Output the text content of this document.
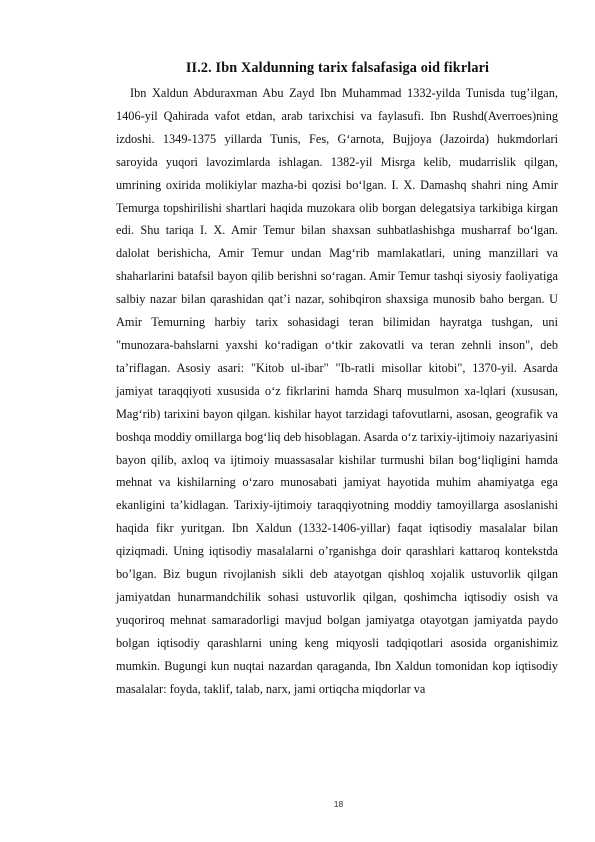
II.2. Ibn Xaldunning tarix falsafasiga oid fikrlari

Ibn Xaldun Abduraxman Abu Zayd Ibn Muhammad 1332-yilda Tunisda tug’ilgan, 1406-yil Qahirada vafot etdan, arab tarixchisi va faylasufi. Ibn Rushd(Averroes)ning izdoshi. 1349-1375 yillarda Tunis, Fes, G‘arnota, Bujjoya (Jazoirda) hukmdorlari saroyida yuqori lavozimlarda ishlagan. 1382-yil Misrga kelib, mudarrislik qilgan, umrining oxirida molikiylar mazha-bi qozisi bo‘lgan. I. X. Damashq shahri ning Amir Temurga topshirilishi shartlari haqida muzokara olib borgan delegatsiya tarkibiga kirgan edi. Shu tariqa I. X. Amir Temur bilan shaxsan suhbatlashishga musharraf bo‘lgan. dalolat berishicha, Amir Temur undan Mag‘rib mamlakatlari, uning manzillari va shaharlarini batafsil bayon qilib berishni so‘ragan. Amir Temur tashqi siyosiy faoliyatiga salbiy nazar bilan qarashidan qat’i nazar, sohibqiron shaxsiga munosib baho bergan. U Amir Temurning harbiy tarix sohasidagi teran bilimidan hayratga tushgan, uni "munozara-bahslarni yaxshi ko‘radigan o‘tkir zakovatli va teran zehnli inson", deb ta’riflagan. Asosiy asari: "Kitob ul-ibar" "Ib-ratli misollar kitobi", 1370-yil. Asarda jamiyat taraqqiyoti xususida o‘z fikrlarini hamda Sharq musulmon xa-lqlari (xususan, Mag‘rib) tarixini bayon qilgan. kishilar hayot tarzidagi tafovutlarni, asosan, geografik va boshqa moddiy omillarga bog‘liq deb hisoblagan. Asarda o‘z tarixiy-ijtimoiy nazariyasini bayon qilib, axloq va ijtimoiy muassasalar kishilar turmushi bilan bog‘liqligini hamda mehnat va kishilarning o‘zaro munosabati jamiyat hayotida muhim ahamiyatga ega ekanligini ta’kidlagan. Tarixiy-ijtimoiy taraqqiyotning moddiy tamoyillarga asoslanishi haqida fikr yuritgan. Ibn Xaldun (1332-1406-yillar) faqat iqtisodiy masalalar bilan qiziqmadi. Uning iqtisodiy masalalarni o’rganishga doir qarashlari kattaroq kontekstda bo’lgan. Biz bugun rivojlanish sikli deb atayotgan qishloq xojalik ustuvorlik qilgan jamiyatdan hunarmandchilik sohasi ustuvorlik qilgan, qoshimcha iqtisodiy osish va yuqoriroq mehnat samaradorligi mavjud bolgan jamiyatga otayotgan jamiyatda paydo bolgan iqtisodiy qarashlarni uning keng miqyosli tadqiqotlari asosida organishimiz mumkin. Bugungi kun nuqtai nazardan qaraganda, Ibn Xaldun tomonidan kop iqtisodiy masalalar: foyda, taklif, talab, narx, jami ortiqcha miqdorlar va

18
